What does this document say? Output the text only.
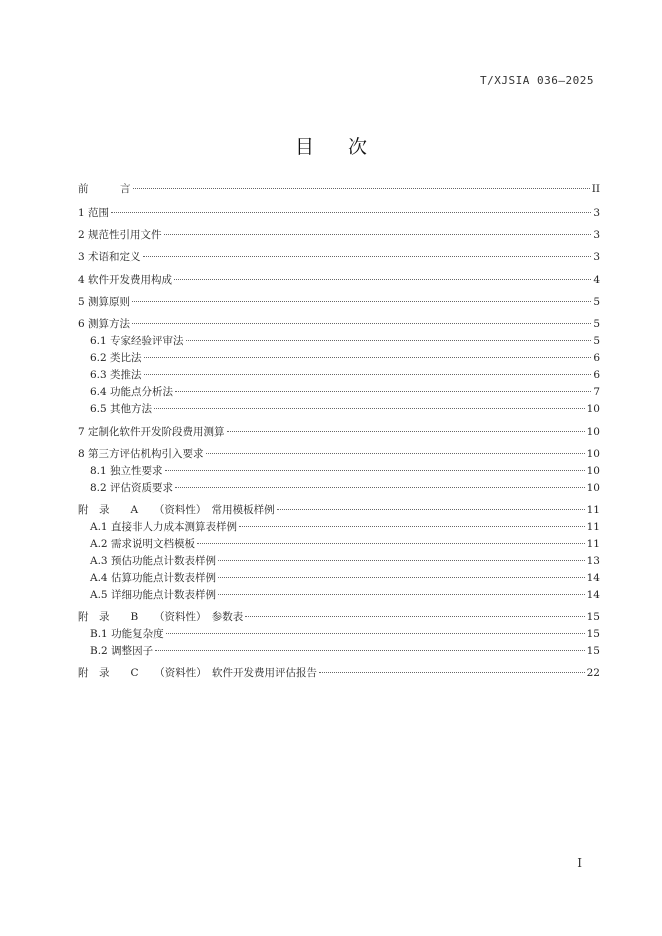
T/XJSIA 036—2025
目 次
前　　　言	II
1 范围	3
2 规范性引用文件	3
3 术语和定义	3
4 软件开发费用构成	4
5 测算原则	5
6 测算方法	5
6.1 专家经验评审法	5
6.2 类比法	6
6.3 类推法	6
6.4 功能点分析法	7
6.5 其他方法	10
7 定制化软件开发阶段费用测算	10
8 第三方评估机构引入要求	10
8.1 独立性要求	10
8.2 评估资质要求	10
附　录　　A　　（资料性）　常用模板样例	11
A.1 直接非人力成本测算表样例	11
A.2 需求说明文档模板	11
A.3 预估功能点计数表样例	13
A.4 估算功能点计数表样例	14
A.5 详细功能点计数表样例	14
附　录　　B　　（资料性）　参数表	15
B.1 功能复杂度	15
B.2 调整因子	15
附　录　　C　　（资料性）　软件开发费用评估报告	22
I
